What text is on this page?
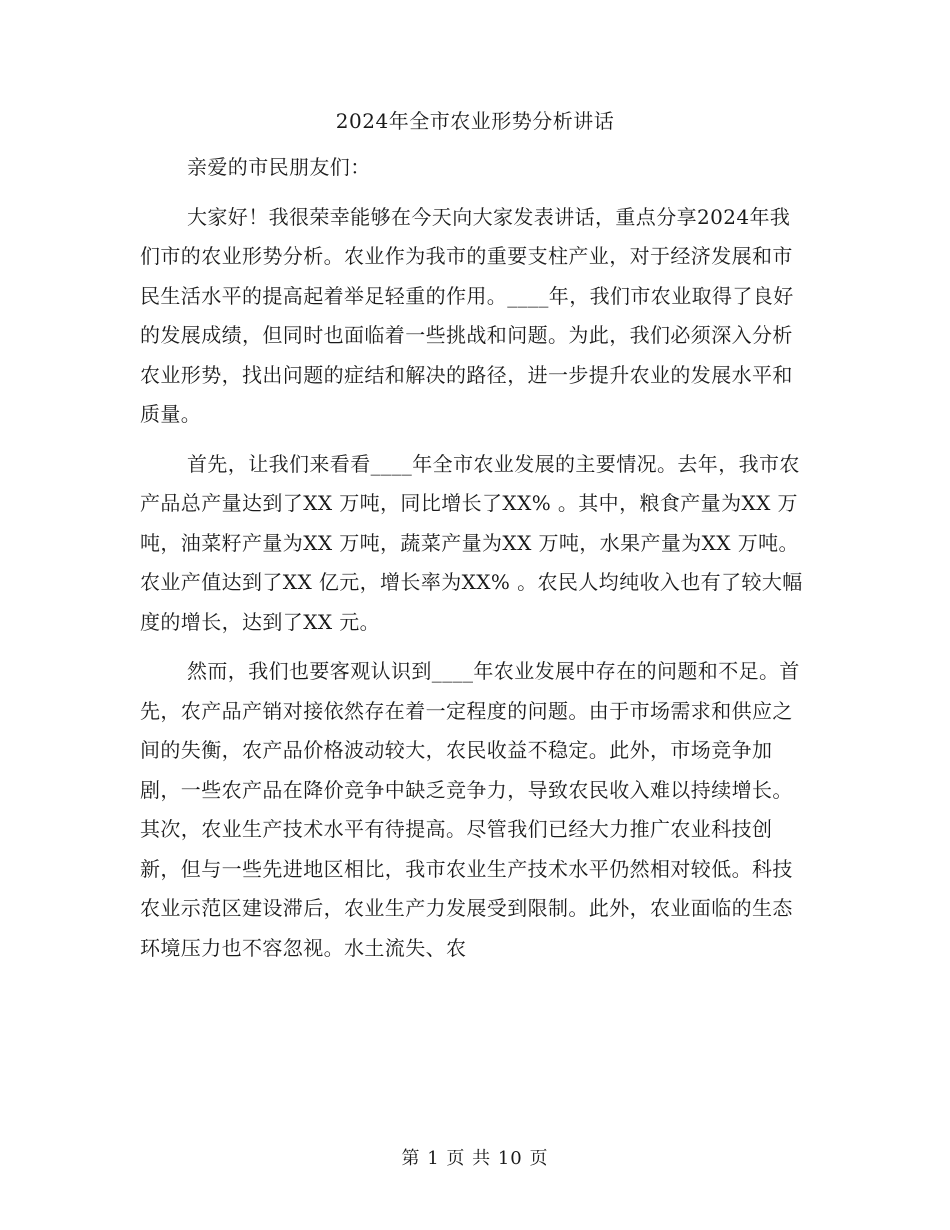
2024年全市农业形势分析讲话

亲爱的市民朋友们：

大家好！我很荣幸能够在今天向大家发表讲话，重点分享2024年我们市的农业形势分析。农业作为我市的重要支柱产业，对于经济发展和市民生活水平的提高起着举足轻重的作用。____年，我们市农业取得了良好的发展成绩，但同时也面临着一些挑战和问题。为此，我们必须深入分析农业形势，找出问题的症结和解决的路径，进一步提升农业的发展水平和质量。

首先，让我们来看看____年全市农业发展的主要情况。去年，我市农产品总产量达到了XX 万吨，同比增长了XX% 。其中，粮食产量为XX 万吨，油菜籽产量为XX 万吨，蔬菜产量为XX 万吨，水果产量为XX 万吨。农业产值达到了XX 亿元，增长率为XX% 。农民人均纯收入也有了较大幅度的增长，达到了XX 元。

然而，我们也要客观认识到____年农业发展中存在的问题和不足。首先，农产品产销对接依然存在着一定程度的问题。由于市场需求和供应之间的失衡，农产品价格波动较大，农民收益不稳定。此外，市场竞争加剧，一些农产品在降价竞争中缺乏竞争力，导致农民收入难以持续增长。其次，农业生产技术水平有待提高。尽管我们已经大力推广农业科技创新，但与一些先进地区相比，我市农业生产技术水平仍然相对较低。科技农业示范区建设滞后，农业生产力发展受到限制。此外，农业面临的生态环境压力也不容忽视。水土流失、农

第 1 页 共 10 页
